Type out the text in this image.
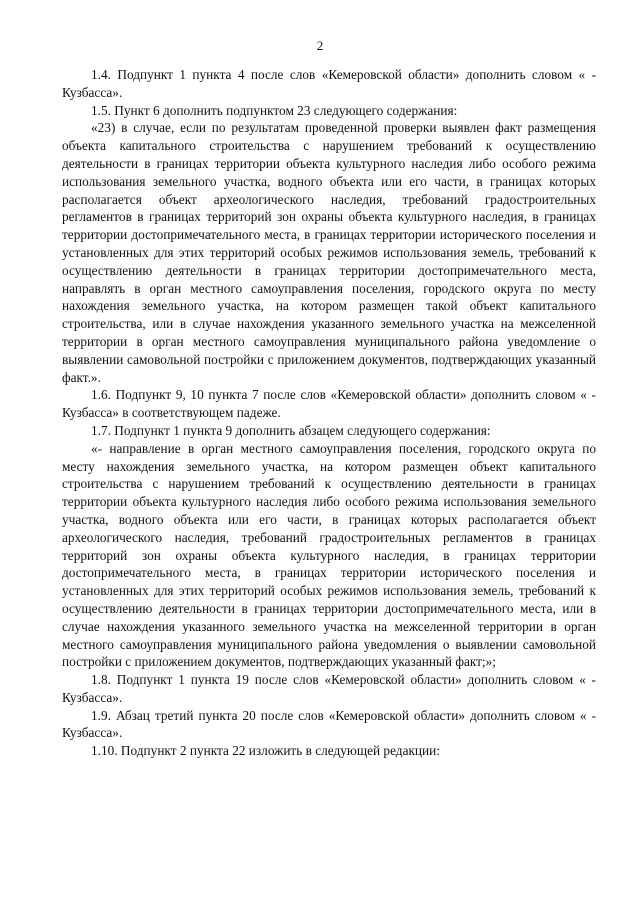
2

1.4. Подпункт 1 пункта 4 после слов «Кемеровской области» дополнить словом « - Кузбасса».

1.5. Пункт 6 дополнить подпунктом 23 следующего содержания:

«23) в случае, если по результатам проведенной проверки выявлен факт размещения объекта капитального строительства с нарушением требований к осуществлению деятельности в границах территории объекта культурного наследия либо особого режима использования земельного участка, водного объекта или его части, в границах которых располагается объект археологического наследия, требований градостроительных регламентов в границах территорий зон охраны объекта культурного наследия, в границах территории достопримечательного места, в границах территории исторического поселения и установленных для этих территорий особых режимов использования земель, требований к осуществлению деятельности в границах территории достопримечательного места, направлять в орган местного самоуправления поселения, городского округа по месту нахождения земельного участка, на котором размещен такой объект капитального строительства, или в случае нахождения указанного земельного участка на межселенной территории в орган местного самоуправления муниципального района уведомление о выявлении самовольной постройки с приложением документов, подтверждающих указанный факт.».

1.6. Подпункт 9, 10 пункта 7 после слов «Кемеровской области» дополнить словом « - Кузбасса» в соответствующем падеже.

1.7. Подпункт 1 пункта 9 дополнить абзацем следующего содержания:

«- направление в орган местного самоуправления поселения, городского округа по месту нахождения земельного участка, на котором размещен объект капитального строительства с нарушением требований к осуществлению деятельности в границах территории объекта культурного наследия либо особого режима использования земельного участка, водного объекта или его части, в границах которых располагается объект археологического наследия, требований градостроительных регламентов в границах территорий зон охраны объекта культурного наследия, в границах территории достопримечательного места, в границах территории исторического поселения и установленных для этих территорий особых режимов использования земель, требований к осуществлению деятельности в границах территории достопримечательного места, или в случае нахождения указанного земельного участка на межселенной территории в орган местного самоуправления муниципального района уведомления о выявлении самовольной постройки с приложением документов, подтверждающих указанный факт;»;

1.8. Подпункт 1 пункта 19 после слов «Кемеровской области» дополнить словом « - Кузбасса».

1.9. Абзац третий пункта 20 после слов «Кемеровской области» дополнить словом « - Кузбасса».

1.10. Подпункт 2 пункта 22 изложить в следующей редакции:
